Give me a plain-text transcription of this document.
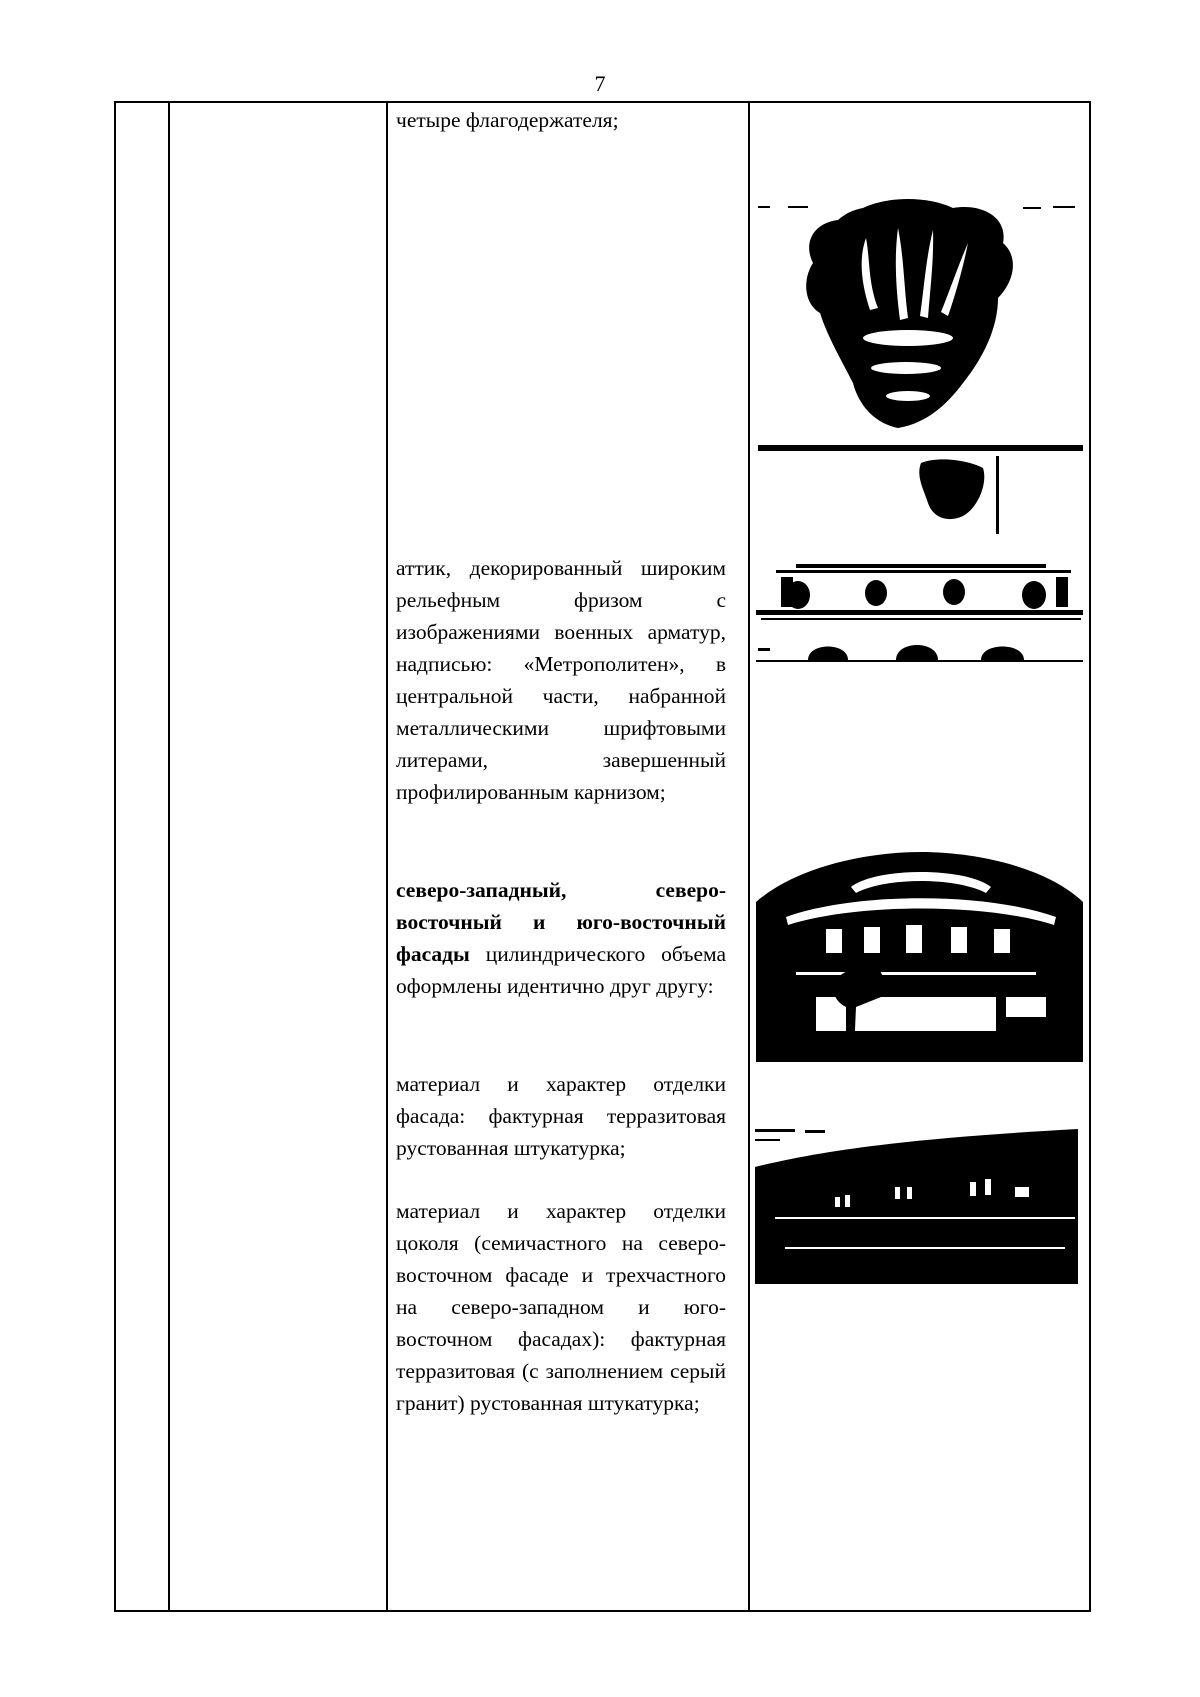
7
четыре флагодержателя;
аттик, декорированный широким рельефным фризом с изображениями военных арматур, надписью: «Метрополитен», в центральной части, набранной металлическими шрифтовыми литерами, завершенный профилированным карнизом;
северо-западный, северо-восточный и юго-восточный фасады цилиндрического объема оформлены идентично друг другу:
материал и характер отделки фасада: фактурная терразитовая рустованная штукатурка;
материал и характер отделки цоколя (семичастного на северо-восточном фасаде и трехчастного на северо-западном и юго-восточном фасадах): фактурная терразитовая (с заполнением серый гранит) рустованная штукатурка;
